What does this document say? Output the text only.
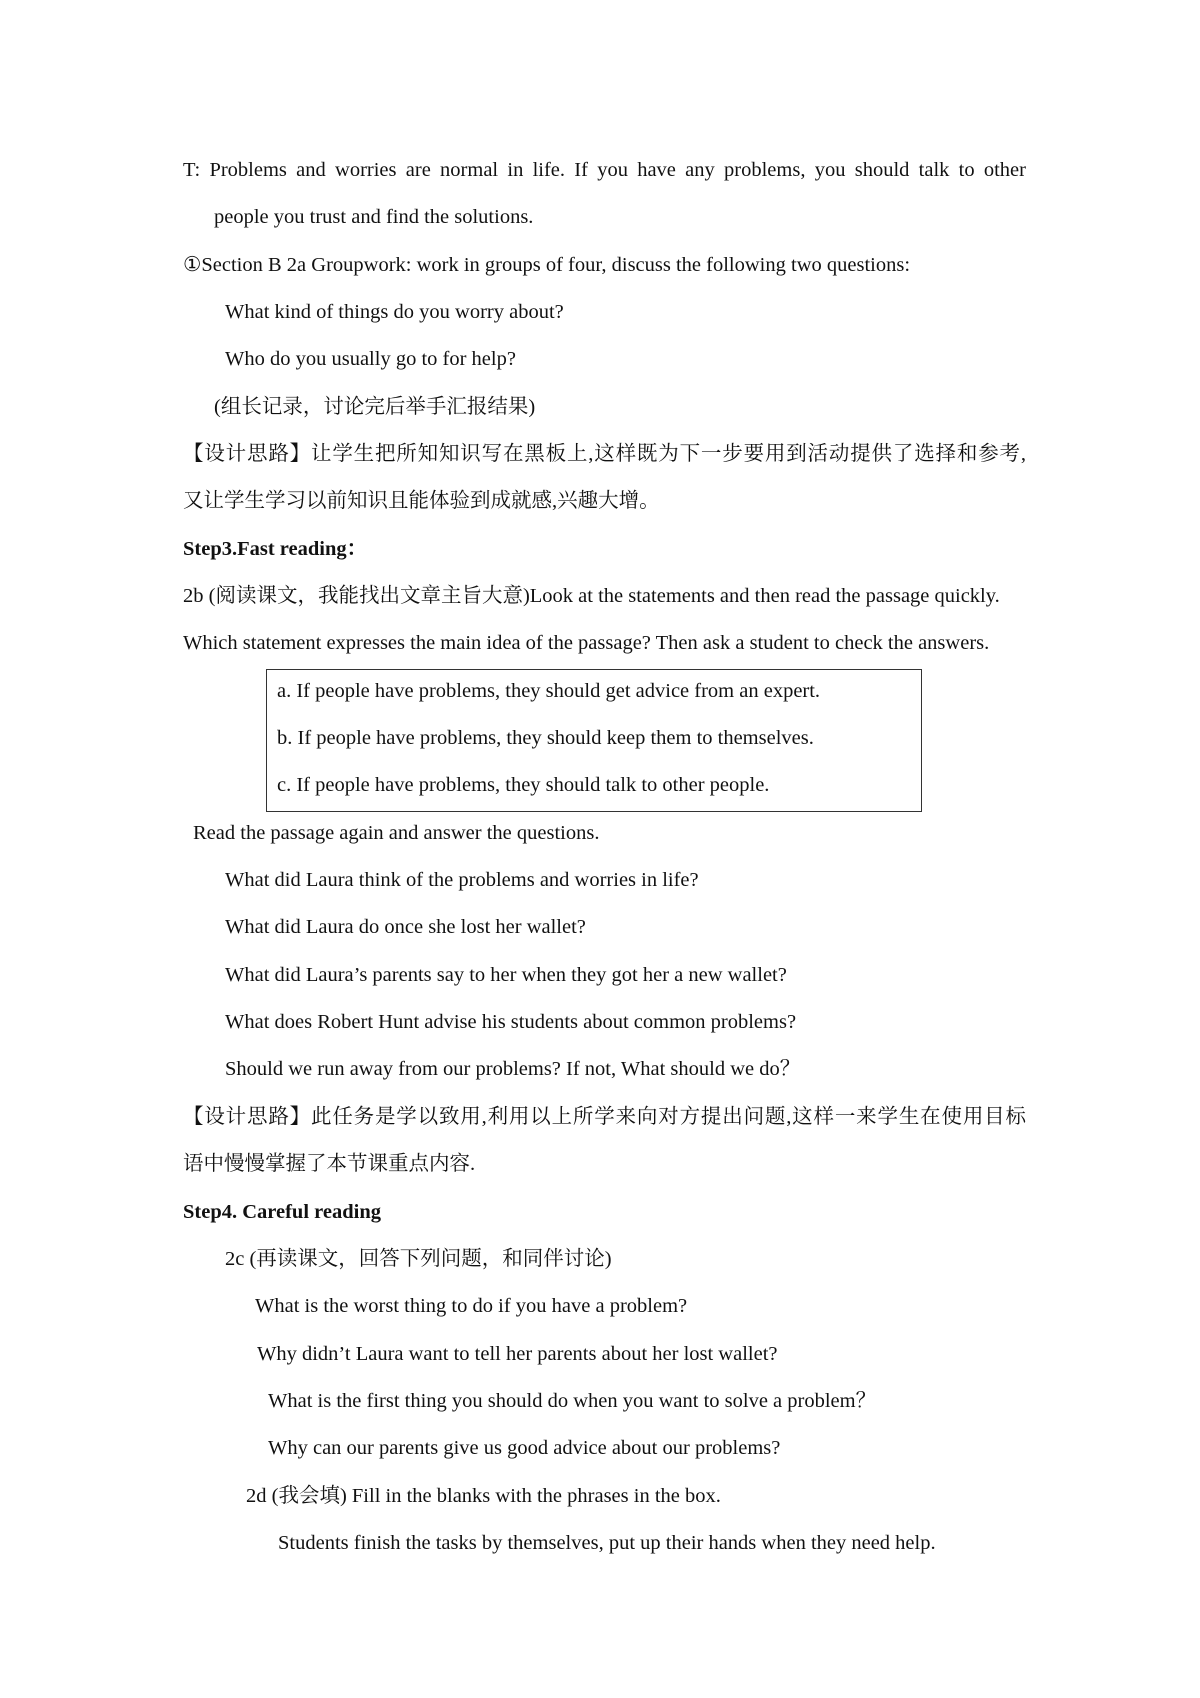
T: Problems and worries are normal in life. If you have any problems, you should talk to other
people you trust and find the solutions.
①Section B 2a Groupwork: work in groups of four, discuss the following two questions:
What kind of things do you worry about?
Who do you usually go to for help?
(组长记录，讨论完后举手汇报结果)
【设计思路】让学生把所知知识写在黑板上,这样既为下一步要用到活动提供了选择和参考,
又让学生学习以前知识且能体验到成就感,兴趣大增。
Step3.Fast reading：
2b (阅读课文，我能找出文章主旨大意)Look at the statements and then read the passage quickly.
Which statement expresses the main idea of the passage? Then ask a student to check the answers.
a. If people have problems, they should get advice from an expert.
b. If people have problems, they should keep them to themselves.
c. If people have problems, they should talk to other people.
Read the passage again and answer the questions.
What did Laura think of the problems and worries in life?
What did Laura do once she lost her wallet?
What did Laura’s parents say to her when they got her a new wallet?
What does Robert Hunt advise his students about common problems?
Should we run away from our problems? If not, What should we do？
【设计思路】此任务是学以致用,利用以上所学来向对方提出问题,这样一来学生在使用目标
语中慢慢掌握了本节课重点内容.
Step4. Careful reading
2c (再读课文，回答下列问题，和同伴讨论)
What is the worst thing to do if you have a problem?
Why didn’t Laura want to tell her parents about her lost wallet?
What is the first thing you should do when you want to solve a problem？
Why can our parents give us good advice about our problems?
2d (我会填) Fill in the blanks with the phrases in the box.
Students finish the tasks by themselves, put up their hands when they need help.
